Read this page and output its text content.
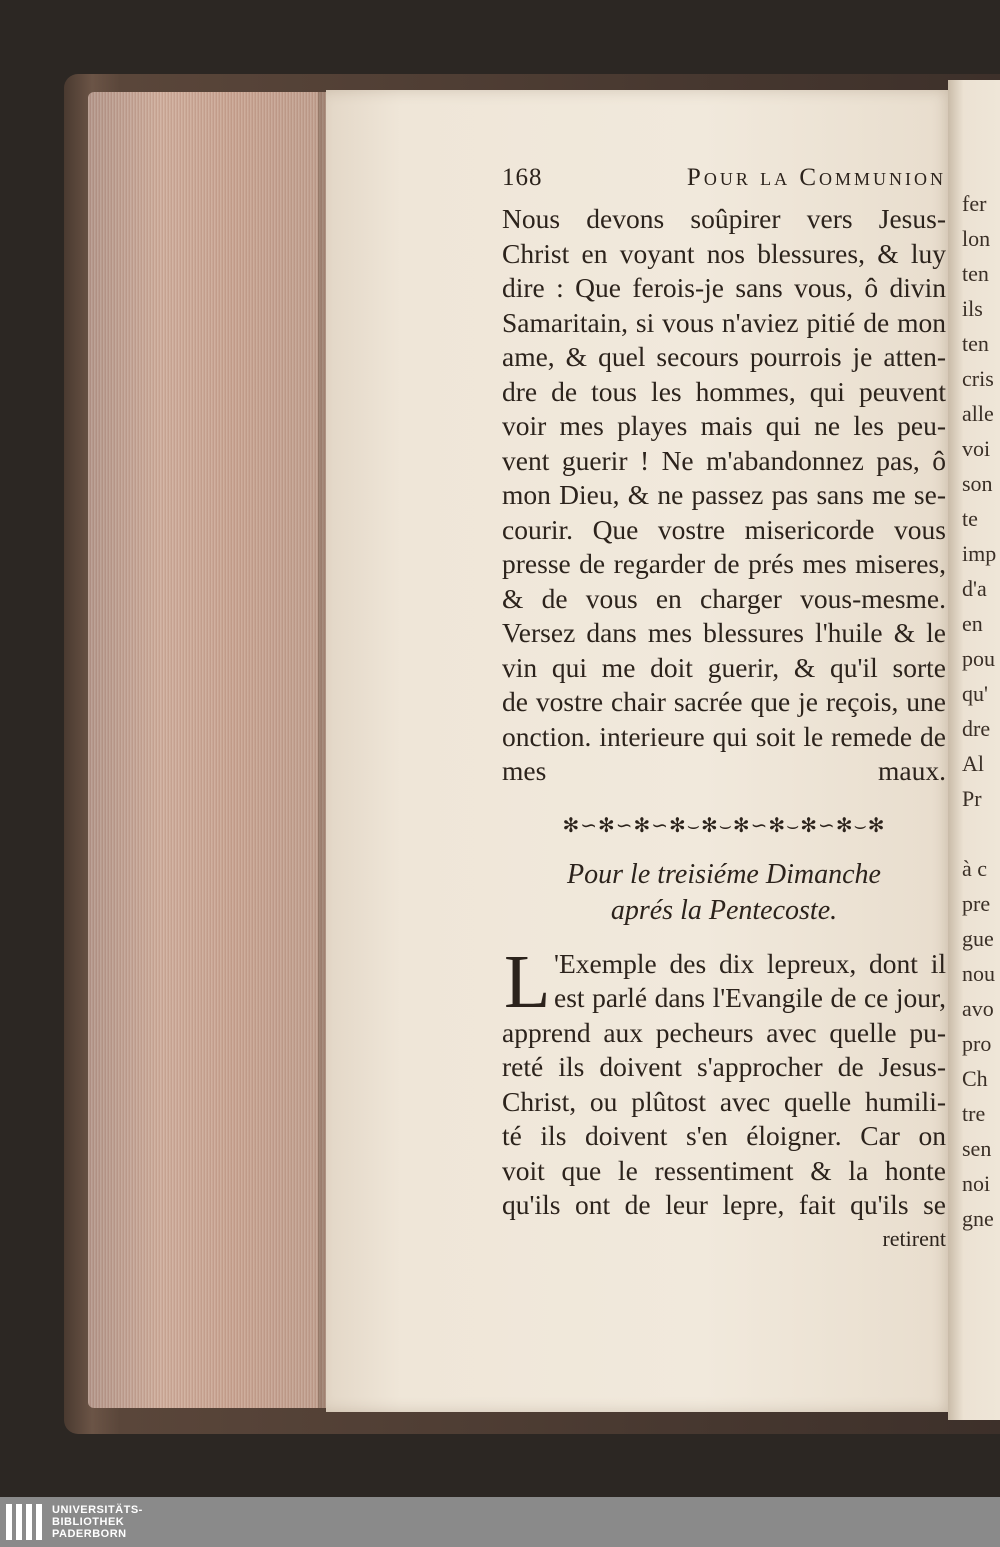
fer
lon
ten
ils
ten
cris
alle
voi
son
te
imp
d'a
en
pou
qu'
dre
Al
Pr
à c
pre
gue
nou
avo
pro
Ch
tre
sen
noi
gne
168	Pour la Communion
Nous devons soûpirer vers Jesus-
Christ en voyant nos blessures, & luy
dire : Que ferois-je sans vous, ô divin
Samaritain, si vous n'aviez pitié de mon
ame, & quel secours pourrois je atten-
dre de tous les hommes, qui peuvent
voir mes playes mais qui ne les peu-
vent guerir ! Ne m'abandonnez pas, ô
mon Dieu, & ne passez pas sans me se-
courir. Que vostre misericorde vous
presse de regarder de prés mes miseres,
& de vous en charger vous-mesme.
Versez dans mes blessures l'huile & le
vin qui me doit guerir, & qu'il sorte
de vostre chair sacrée que je reçois, une
onction. interieure qui soit le remede de
mes maux.
✻∽✻∽✻∽✻⌣✻⌣✻∽✻⌣✻∽✻⌣✻
Pour le treisiéme Dimanche
aprés la Pentecoste.
L 'Exemple des dix lepreux, dont il
est parlé dans l'Evangile de ce jour,
apprend aux pecheurs avec quelle pu-
reté ils doivent s'approcher de Jesus-
Christ, ou plûtost avec quelle humili-
té ils doivent s'en éloigner. Car on
voit que le ressentiment & la honte
qu'ils ont de leur lepre, fait qu'ils se
retirent
UNIVERSITÄTS-
BIBLIOTHEK
PADERBORN
